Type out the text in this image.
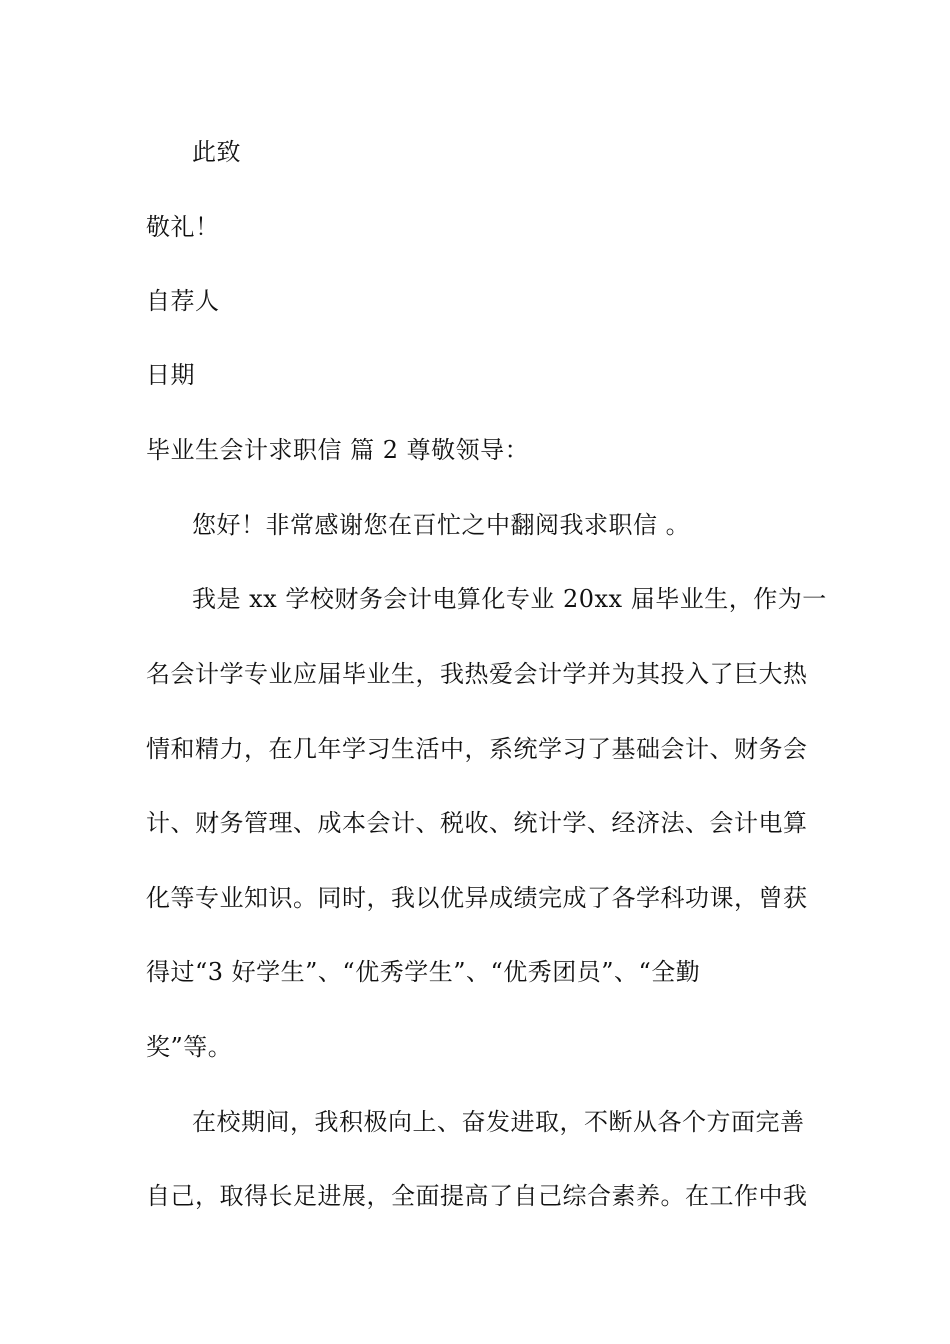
此致
敬礼！
自荐人
日期
毕业生会计求职信 篇 2 尊敬领导：
您好！非常感谢您在百忙之中翻阅我求职信 。
我是 xx 学校财务会计电算化专业 20xx 届毕业生，作为一
名会计学专业应届毕业生，我热爱会计学并为其投入了巨大热
情和精力，在几年学习生活中，系统学习了基础会计、财务会
计、财务管理、成本会计、税收、统计学、经济法、会计电算
化等专业知识。同时，我以优异成绩完成了各学科功课，曾获
得过“3 好学生”、“优秀学生”、“优秀团员”、“全勤
奖”等。
在校期间，我积极向上、奋发进取，不断从各个方面完善
自己，取得长足进展，全面提高了自己综合素养。在工作中我
